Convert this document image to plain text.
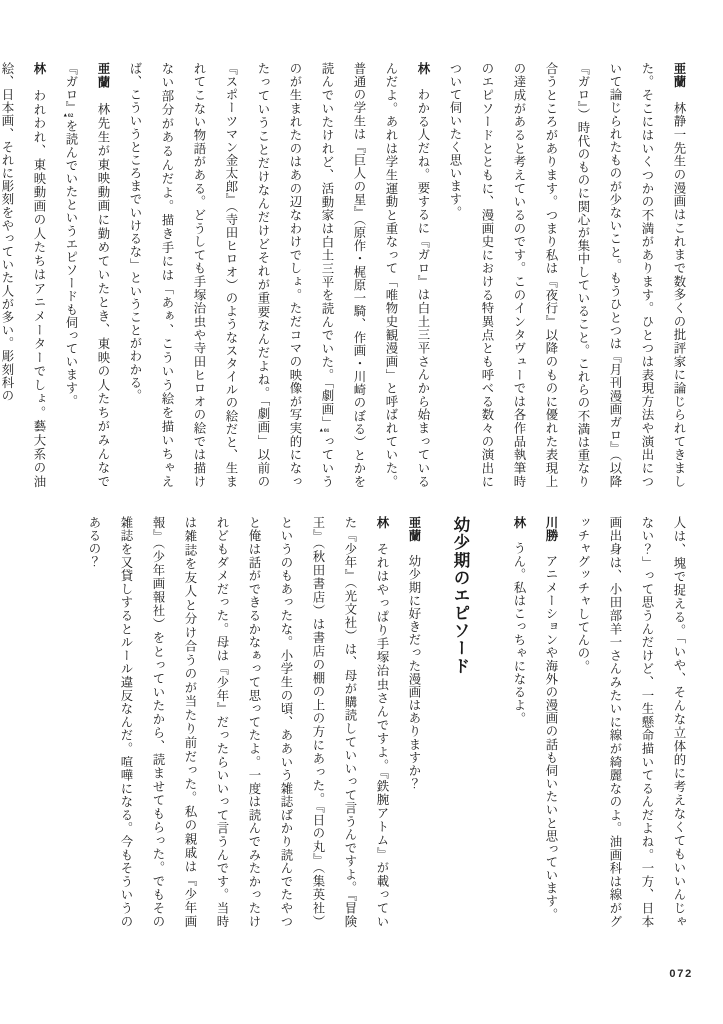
亜蘭林静一先生の漫画はこれまで数多くの批評家に論じられてきました。そこにはいくつかの不満があります。ひとつは表現方法や演出について論じられたものが少ないこと。もうひとつは『月刊漫画ガロ』（以降『ガロ』）時代のものに関心が集中していること。これらの不満は重なり合うところがあります。つまり私は『夜行』以降のものに優れた表現上の達成があると考えているのです。このインタヴューでは各作品執筆時のエピソードとともに、漫画史における特異点とも呼べる数々の演出について伺いたく思います。

林わかる人だね。要するに『ガロ』は白土三平さんから始まっているんだよ。あれは学生運動と重なって「唯物史観漫画」と呼ばれていた。普通の学生は『巨人の星』（原作・梶原一騎、作画・川崎のぼる）とかを読んでいたけれど、活動家は白土三平を読んでいた。「劇画」▲01っていうのが生まれたのはあの辺なわけでしょ。ただコマの映像が写実的になったっていうことだけなんだけどそれが重要なんだよね。「劇画」以前の『スポーツマン金太郎』（寺田ヒロオ）のようなスタイルの絵だと、生まれてこない物語がある。どうしても手塚治虫や寺田ヒロオの絵では描けない部分があるんだよ。描き手には「あぁ、こういう絵を描いちゃえば、こういうところまでいけるな」ということがわかる。

亜蘭林先生が東映動画に勤めていたとき、東映の人たちがみんなで『ガロ』▲02を読んでいたというエピソードも伺っています。

林われわれ、東映動画の人たちはアニメーターでしょ。藝大系の油絵、日本画、それに彫刻をやっていた人が多い。彫刻科の

人は、塊で捉える。「いや、そんな立体的に考えなくてもいいんじゃない？」って思うんだけど、一生懸命描いてるんだよね。一方、日本画出身は、小田部羊一さんみたいに線が綺麗なのよ。油画科は線がグッチャグッチャしてんの。

川勝アニメーションや海外の漫画の話も伺いたいと思っています。

林うん。私はこっちゃになるよ。

幼少期のエピソード

亜蘭幼少期に好きだった漫画はありますか？

林それはやっぱり手塚治虫さんですよ。『鉄腕アトム』が載っていた『少年』（光文社）は、母が購読していいって言うんですよ。『冒険王』（秋田書店）は書店の棚の上の方にあった。『日の丸』（集英社）というのもあったな。小学生の頃、ああいう雑誌ばかり読んでたやつと俺は話ができるかなぁって思ってたよ。一度は読んでみたかったけれどもダメだった。母は『少年』だったらいいって言うんです。当時は雑誌を友人と分け合うのが当たり前だった。私の親戚は『少年画報』（少年画報社）をとっていたから、読ませてもらった。でもその雑誌を又貸しするとルール違反なんだ。喧嘩になる。今もそういうのあるの？

072
